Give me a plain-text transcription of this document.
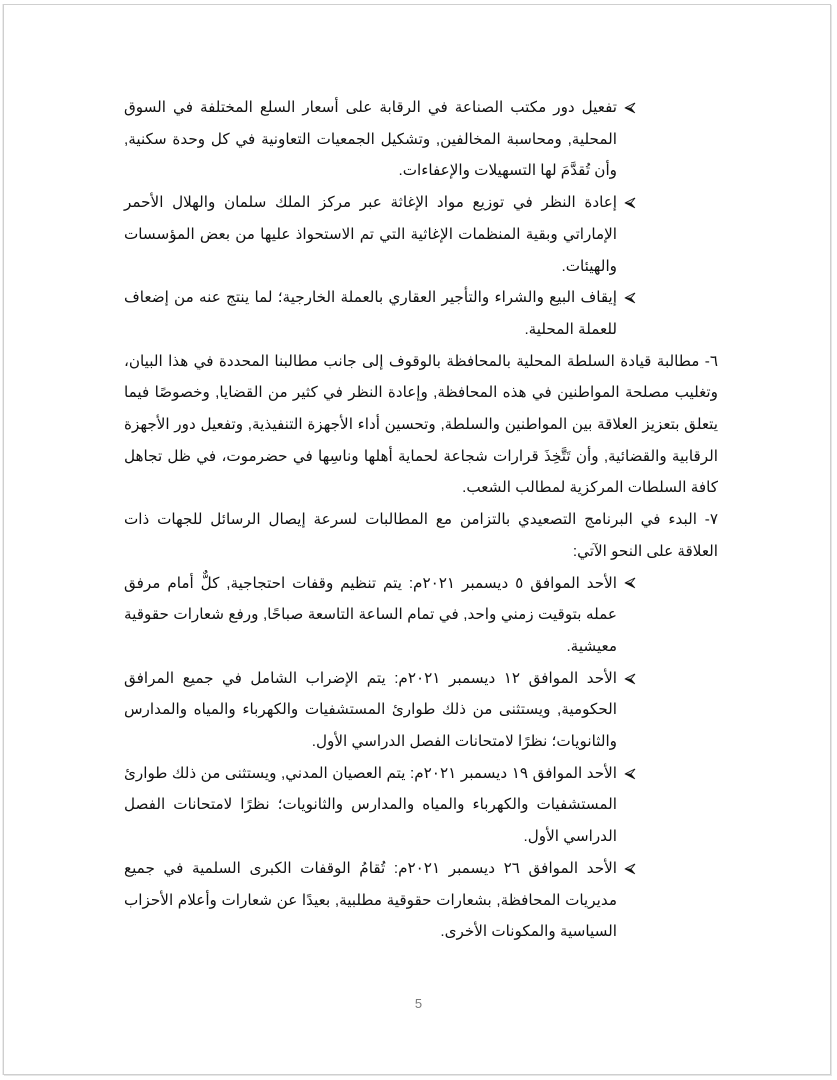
تفعيل دور مكتب الصناعة في الرقابة على أسعار السلع المختلفة في السوق المحلية, ومحاسبة المخالفين, وتشكيل الجمعيات التعاونية في كل وحدة سكنية, وأن تُقدَّمَ لها التسهيلات والإعفاءات.

إعادة النظر في توزيع مواد الإغاثة عبر مركز الملك سلمان والهلال الأحمر الإماراتي وبقية المنظمات الإغاثية التي تم الاستحواذ عليها من بعض المؤسسات والهيئات.

إيقاف البيع والشراء والتأجير العقاري بالعملة الخارجية؛ لما ينتج عنه من إضعاف للعملة المحلية.

٦- مطالبة قيادة السلطة المحلية بالمحافظة بالوقوف إلى جانب مطالبنا المحددة في هذا البيان، وتغليب مصلحة المواطنين في هذه المحافظة, وإعادة النظر في كثير من القضايا, وخصوصًا فيما يتعلق بتعزيز العلاقة بين المواطنين والسلطة, وتحسين أداء الأجهزة التنفيذية, وتفعيل دور الأجهزة الرقابية والقضائية, وأن تَتَّخِذَ قرارات شجاعة لحماية أهلها وناسِها في حضرموت، في ظل تجاهل كافة السلطات المركزية لمطالب الشعب.

٧- البدء في البرنامج التصعيدي بالتزامن مع المطالبات لسرعة إيصال الرسائل للجهات ذات العلاقة على النحو الآتي:

الأحد الموافق ٥ ديسمبر ٢٠٢١م: يتم تنظيم وقفات احتجاجية, كلٌّ أمام مرفق عمله بتوقيت زمني واحد, في تمام الساعة التاسعة صباحًا, ورفع شعارات حقوقية معيشية.

الأحد الموافق ١٢ ديسمبر ٢٠٢١م: يتم الإضراب الشامل في جميع المرافق الحكومية, ويستثنى من ذلك طوارئ المستشفيات والكهرباء والمياه والمدارس والثانويات؛ نظرًا لامتحانات الفصل الدراسي الأول.

الأحد الموافق ١٩ ديسمبر ٢٠٢١م: يتم العصيان المدني, ويستثنى من ذلك طوارئ المستشفيات والكهرباء والمياه والمدارس والثانويات؛ نظرًا لامتحانات الفصل الدراسي الأول.

الأحد الموافق ٢٦ ديسمبر ٢٠٢١م: تُقامُ الوقفات الكبرى السلمية في جميع مديريات المحافظة, بشعارات حقوقية مطلبية, بعيدًا عن شعارات وأعلام الأحزاب السياسية والمكونات الأخرى.

5
